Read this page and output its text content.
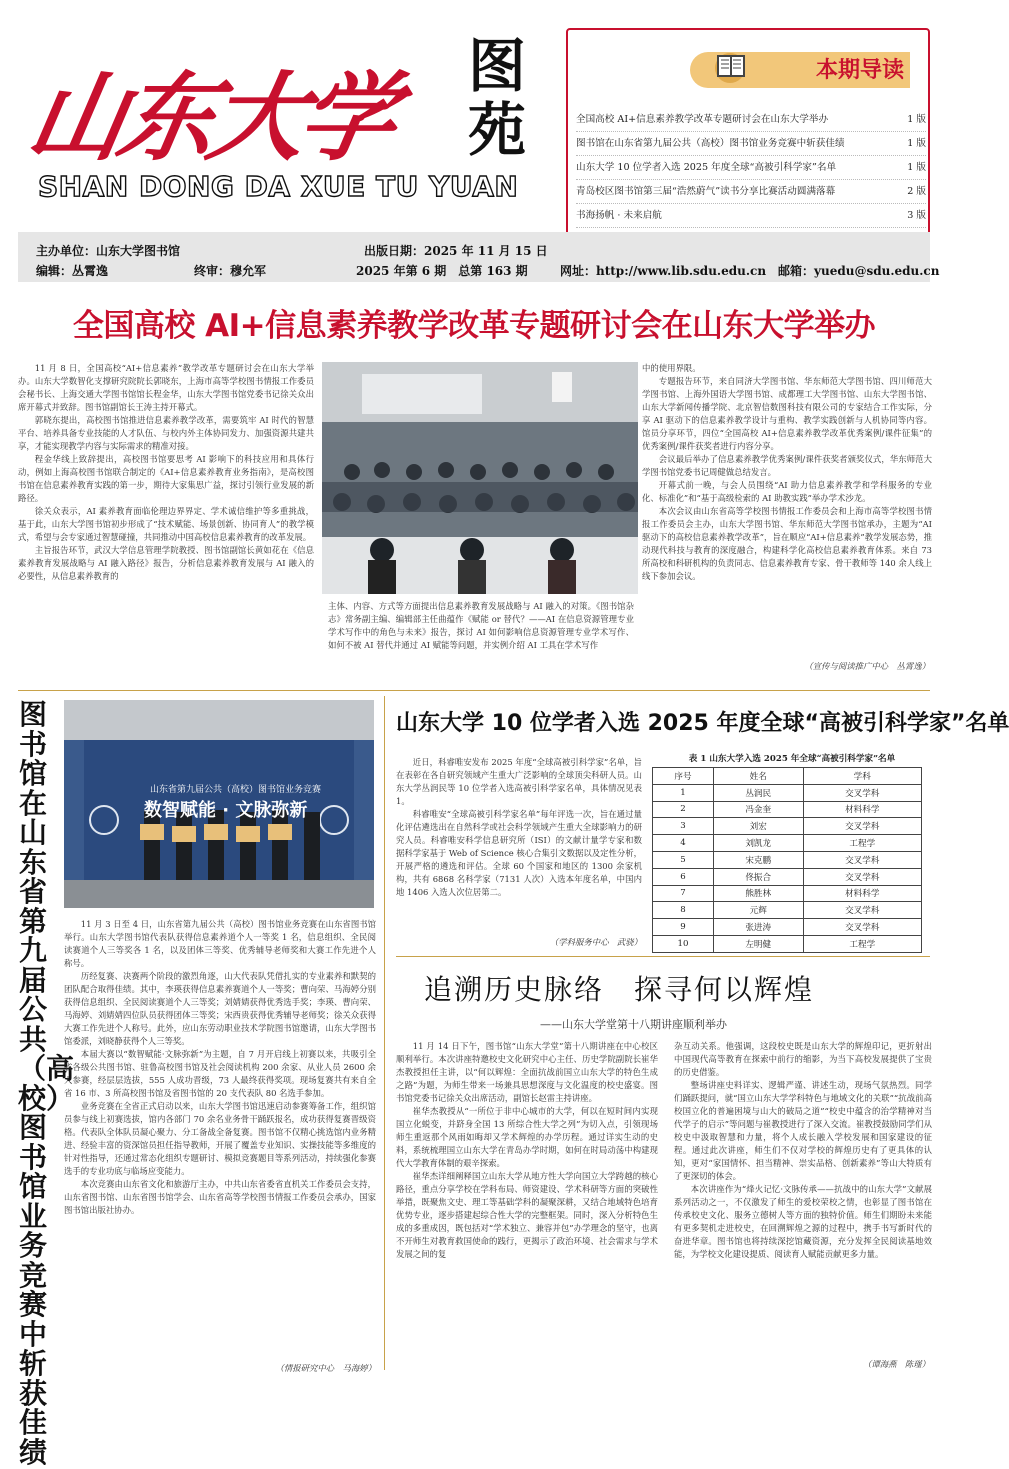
山东大学	图苑
SHAN DONG DA XUE TU YUAN
本期导读
全国高校 AI+信息素养教学改革专题研讨会在山东大学举办	1 版
图书馆在山东省第九届公共（高校）图书馆业务竞赛中斩获佳绩	1 版
山东大学 10 位学者入选 2025 年度全球“高被引科学家”名单	1 版
青岛校区图书馆第三届“浩然蔚气”读书分享比赛活动圆满落幕	2 版
书海扬帆 · 未来启航	3 版
主办单位：山东大学图书馆	出版日期：2025 年 11 月 15 日
编辑：丛霄逸	终审：穆允军	2025 年第 6 期　总第 163 期	网址：http://www.lib.sdu.edu.cn 邮箱：yuedu@sdu.edu.cn
全国高校 AI+信息素养教学改革专题研讨会在山东大学举办

11 月 8 日，全国高校“AI+信息素养”教学改革专题研讨会在山东大学举办。山东大学数智化支撑研究院院长郭晓东，上海市高等学校图书情报工作委员会秘书长、上海交通大学图书馆馆长程金华，山东大学图书馆党委书记徐关众出席开幕式并致辞。图书馆副馆长王涛主持开幕式。

郭晓东提出，高校图书馆推进信息素养教学改革，需要筑牢 AI 时代的智慧平台、培养具备专业技能的人才队伍、与校内外主体协同发力、加强资源共建共享，才能实现教学内容与实际需求的精准对接。

程金华线上致辞提出，高校图书馆要思考 AI 影响下的科技应用和具体行动，例如上海高校图书馆联合制定的《AI+信息素养教育业务指南》，是高校图书馆在信息素养教育实践的第一步，期待大家集思广益，探讨引领行业发展的新路径。

徐关众表示，AI 素养教育面临伦理边界界定、学术诚信维护等多重挑战，基于此，山东大学图书馆初步形成了“技术赋能、场景创新、协同育人”的教学模式，希望与会专家通过智慧碰撞，共同推动中国高校信息素养教育的改革发展。

主旨报告环节，武汉大学信息管理学院教授、图书馆副馆长黄如花在《信息素养教育发展战略与 AI 融入路径》报告，分析信息素养教育发展与 AI 融入的必要性，从信息素养教育的

主体、内容、方式等方面提出信息素养教育发展战略与 AI 融入的对策。《图书馆杂志》常务副主编、编辑部主任曲蕴作《赋能 or 替代？——AI 在信息资源管理专业学术写作中的角色与未来》报告，探讨 AI 如何影响信息资源管理专业学术写作、如何不被 AI 替代并通过 AI 赋能等问题，并实例介绍 AI 工具在学术写作

中的使用界限。

专题报告环节，来自同济大学图书馆、华东师范大学图书馆、四川师范大学图书馆、上海外国语大学图书馆、成都理工大学图书馆、山东大学图书馆、山东大学新闻传播学院、北京智信数图科技有限公司的专家结合工作实际，分享 AI 驱动下的信息素养教学设计与重构、教学实践创新与人机协同等内容。馆员分享环节，四位“全国高校 AI+信息素养教学改革优秀案例/课件征集”的优秀案例/课件获奖者进行内容分享。

会议最后举办了信息素养教学优秀案例/课件获奖者颁奖仪式，华东师范大学图书馆党委书记周健做总结发言。

开幕式前一晚，与会人员围绕“AI 助力信息素养教学和学科服务的专业化、标准化”和“基于高级检索的 AI 助教实践”举办学术沙龙。

本次会议由山东省高等学校图书情报工作委员会和上海市高等学校图书情报工作委员会主办，山东大学图书馆、华东师范大学图书馆承办，主题为“AI 驱动下的高校信息素养教学改革”，旨在顺应“AI+信息素养”教学发展态势，推动现代科技与教育的深度融合，构建科学化高校信息素养教育体系。来自 73 所高校和科研机构的负责同志、信息素养教育专家、骨干教师等 140 余人线上线下参加会议。

（宣传与阅读推广中心　丛霄逸）
图书馆在山东省第九届公共（高校）图书馆业务竞赛中斩获佳绩
山东省第九届公共（高校）图书馆业务竞赛
数智赋能 · 文脉弥新

11 月 3 日至 4 日，山东省第九届公共（高校）图书馆业务竞赛在山东省图书馆举行。山东大学图书馆代表队获得信息素养道个人一等奖 1 名，信息组织、全民阅读赛道个人三等奖各 1 名，以及团体三等奖、优秀辅导老师奖和大赛工作先进个人称号。

历经复赛、决赛两个阶段的激烈角逐，山大代表队凭借扎实的专业素养和默契的团队配合取得佳绩。其中，李瑛获得信息素养赛道个人一等奖；曹向荣、马海婷分别获得信息组织、全民阅读赛道个人三等奖；刘婧婧获得优秀选手奖；李瑛、曹向荣、马海婷、刘婧婧四位队员获得团体三等奖；宋西贵获得优秀辅导老师奖；徐关众获得大赛工作先进个人称号。此外，应山东劳动职业技术学院图书馆邀请，山东大学图书馆委派，刘晓静获得个人三等奖。

本届大赛以“数智赋能·文脉弥新”为主题，自 7 月开启线上初赛以来，共吸引全省各级公共图书馆、驻鲁高校图书馆及社会阅读机构 200 余家、从业人员 2600 余人参赛，经层层选拔，555 人成功晋级，73 人最终获得奖项。现场复赛共有来自全省 16 市、3 所高校图书馆及省图书馆的 20 支代表队 80 名选手参加。

业务竞赛在全省正式启动以来，山东大学图书馆迅速启动参赛筹备工作，组织馆员参与线上初赛选拔，馆内各部门 70 余名业务骨干踊跃报名，成功获得复赛晋级资格。代表队全体队员凝心聚力、分工备战全备复赛。图书馆不仅精心挑选馆内业务精进、经验丰富的资深馆员担任指导教师，开展了覆盖专业知识、实操技能等多维度的针对性指导，还通过常态化组织专题研讨、模拟竞赛题目等系列活动，持续强化参赛选手的专业功底与临场应变能力。

本次竞赛由山东省文化和旅游厅主办，中共山东省委省直机关工作委员会支持，山东省图书馆、山东省图书馆学会、山东省高等学校图书情报工作委员会承办，国家图书馆出版社协办。

（情报研究中心　马海婷）
山东大学 10 位学者入选 2025 年度全球“高被引科学家”名单

近日，科睿唯安发布 2025 年度“全球高被引科学家”名单，旨在表彰在各自研究领域产生重大广泛影响的全球顶尖科研人员。山东大学丛润民等 10 位学者入选高被引科学家名单，具体情况见表 1。

科睿唯安“全球高被引科学家名单”每年评选一次，旨在通过量化评估遴选出在自然科学或社会科学领域产生重大全球影响力的研究人员。科睿唯安科学信息研究所（ISI）的文献计量学专家和数据科学家基于 Web of Science 核心合集引文数据以及定性分析，开展严格的遴选和评估。全球 60 个国家和地区的 1300 余家机构，共有 6868 名科学家（7131 人次）入选本年度名单，中国内地 1406 入选人次位居第二。

（学科服务中心　武骁）
表 1 山东大学入选 2025 年全球“高被引科学家”名单
序号	姓名	学科
1	丛润民	交叉学科
2	冯金奎	材料科学
3	刘宏	交叉学科
4	刘凯龙	工程学
5	宋克鹏	交叉学科
6	佟振合	交叉学科
7	熊胜林	材料科学
8	元辉	交叉学科
9	张进涛	交叉学科
10	左明健	工程学
追溯历史脉络　探寻何以辉煌
——山东大学堂第十八期讲座顺利举办

11 月 14 日下午，图书馆“山东大学堂”第十八期讲座在中心校区顺利举行。本次讲座特邀校史文化研究中心主任、历史学院副院长崔华杰教授担任主讲，以“何以辉煌：全面抗战前国立山东大学的特色生成之路”为题，为师生带来一场兼具思想深度与文化温度的校史盛宴。图书馆党委书记徐关众出席活动，副馆长赵雷主持讲座。

崔华杰教授从“一所位于非中心城市的大学，何以在短时间内实现国立化蜕变，并跻身全国 13 所综合性大学之列”为切入点，引领现场师生重返那个风雨如晦却又学术辉煌的办学历程。通过详实生动的史料，系统梳理国立山东大学在青岛办学时期，如何在时局动荡中构建现代大学教育体制的艰辛探索。

崔华杰详细阐释国立山东大学从地方性大学向国立大学跨越的核心路径，重点分享学校在学科布局、师资建设、学术科研等方面的突破性举措，既聚焦文史、理工等基础学科的凝聚深耕，又结合地域特色培育优势专业，逐步搭建起综合性大学的完整框架。同时，深入分析特色生成的多重成因，既包括对“学术独立、兼容并包”办学理念的坚守，也离不开师生对教育救国使命的践行，更揭示了政治环境、社会需求与学术发展之间的复

杂互动关系。他强调，这段校史既是山东大学的辉煌印记，更折射出中国现代高等教育在探索中前行的缩影，为当下高校发展提供了宝贵的历史借鉴。

整场讲座史料详实、逻辑严谨、讲述生动，现场气氛热烈。同学们踊跃提问，就“国立山东大学学科特色与地域文化的关联”“抗战前高校国立化的普遍困境与山大的破局之道”“校史中蕴含的治学精神对当代学子的启示”等问题与崔教授进行了深入交流。崔教授鼓励同学们从校史中汲取智慧和力量，将个人成长融入学校发展和国家建设的征程。通过此次讲座，师生们不仅对学校的辉煌历史有了更具体的认知，更对“家国情怀、担当精神、崇实品格、创新素养”等山大特质有了更深切的体会。

本次讲座作为“烽火记忆·文脉传承——抗战中的山东大学”文献展系列活动之一，不仅激发了师生的爱校荣校之情，也彰显了图书馆在传承校史文化、服务立德树人等方面的独特价值。师生们期盼未来能有更多契机走进校史，在回溯辉煌之源的过程中，携手书写新时代的奋进华章。图书馆也将持续深挖馆藏资源，充分发挥全民阅读基地效能，为学校文化建设提质、阅读育人赋能贡献更多力量。

（谭海燕　陈瑾）
